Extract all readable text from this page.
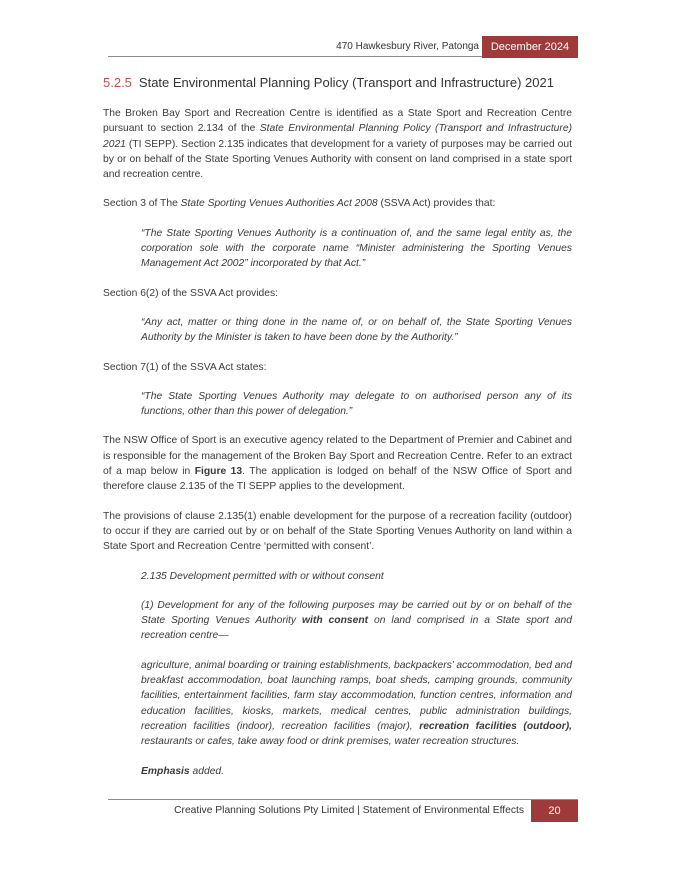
470 Hawkesbury River, Patonga	December 2024
5.2.5 State Environmental Planning Policy (Transport and Infrastructure) 2021

The Broken Bay Sport and Recreation Centre is identified as a State Sport and Recreation Centre pursuant to section 2.134 of the State Environmental Planning Policy (Transport and Infrastructure) 2021 (TI SEPP). Section 2.135 indicates that development for a variety of purposes may be carried out by or on behalf of the State Sporting Venues Authority with consent on land comprised in a state sport and recreation centre.

Section 3 of The State Sporting Venues Authorities Act 2008 (SSVA Act) provides that:

“The State Sporting Venues Authority is a continuation of, and the same legal entity as, the corporation sole with the corporate name “Minister administering the Sporting Venues Management Act 2002” incorporated by that Act.”

Section 6(2) of the SSVA Act provides:

“Any act, matter or thing done in the name of, or on behalf of, the State Sporting Venues Authority by the Minister is taken to have been done by the Authority.”

Section 7(1) of the SSVA Act states:

“The State Sporting Venues Authority may delegate to on authorised person any of its functions, other than this power of delegation.”

The NSW Office of Sport is an executive agency related to the Department of Premier and Cabinet and is responsible for the management of the Broken Bay Sport and Recreation Centre. Refer to an extract of a map below in Figure 13. The application is lodged on behalf of the NSW Office of Sport and therefore clause 2.135 of the TI SEPP applies to the development.

The provisions of clause 2.135(1) enable development for the purpose of a recreation facility (outdoor) to occur if they are carried out by or on behalf of the State Sporting Venues Authority on land within a State Sport and Recreation Centre ‘permitted with consent’.

2.135 Development permitted with or without consent

(1) Development for any of the following purposes may be carried out by or on behalf of the State Sporting Venues Authority with consent on land comprised in a State sport and recreation centre—

agriculture, animal boarding or training establishments, backpackers’ accommodation, bed and breakfast accommodation, boat launching ramps, boat sheds, camping grounds, community facilities, entertainment facilities, farm stay accommodation, function centres, information and education facilities, kiosks, markets, medical centres, public administration buildings, recreation facilities (indoor), recreation facilities (major), recreation facilities (outdoor), restaurants or cafes, take away food or drink premises, water recreation structures.

Emphasis added.

Creative Planning Solutions Pty Limited | Statement of Environmental Effects	20
